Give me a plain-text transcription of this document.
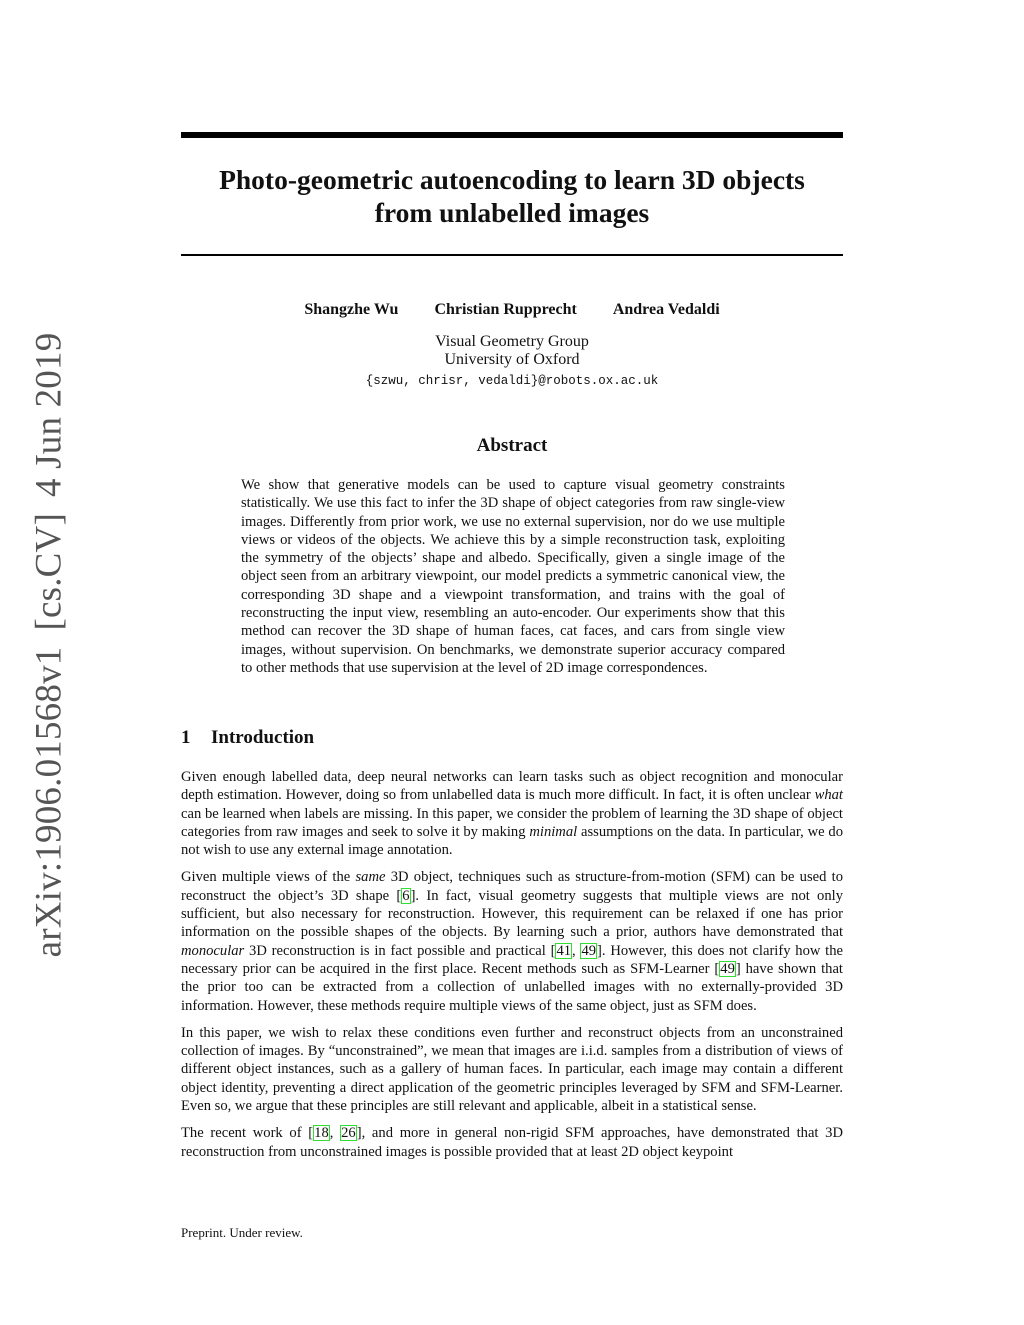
arXiv:1906.01568v1[cs.CV]4 Jun 2019
Photo-geometric autoencoding to learn 3D objects
from unlabelled images
Shangzhe Wu Christian Rupprecht Andrea Vedaldi
Visual Geometry Group
University of Oxford
{szwu, chrisr, vedaldi}@robots.ox.ac.uk
Abstract
We show that generative models can be used to capture visual geometry constraints statistically. We use this fact to infer the 3D shape of object categories from raw single-view images. Differently from prior work, we use no external supervision, nor do we use multiple views or videos of the objects. We achieve this by a simple reconstruction task, exploiting the symmetry of the objects’ shape and albedo. Specifically, given a single image of the object seen from an arbitrary viewpoint, our model predicts a symmetric canonical view, the corresponding 3D shape and a viewpoint transformation, and trains with the goal of reconstructing the input view, resembling an auto-encoder. Our experiments show that this method can recover the 3D shape of human faces, cat faces, and cars from single view images, without supervision. On benchmarks, we demonstrate superior accuracy compared to other methods that use supervision at the level of 2D image correspondences.
1 Introduction

Given enough labelled data, deep neural networks can learn tasks such as object recognition and monocular depth estimation. However, doing so from unlabelled data is much more difficult. In fact, it is often unclear what can be learned when labels are missing. In this paper, we consider the problem of learning the 3D shape of object categories from raw images and seek to solve it by making minimal assumptions on the data. In particular, we do not wish to use any external image annotation.

Given multiple views of the same 3D object, techniques such as structure-from-motion (SFM) can be used to reconstruct the object’s 3D shape [6]. In fact, visual geometry suggests that multiple views are not only sufficient, but also necessary for reconstruction. However, this requirement can be relaxed if one has prior information on the possible shapes of the objects. By learning such a prior, authors have demonstrated that monocular 3D reconstruction is in fact possible and practical [41, 49]. However, this does not clarify how the necessary prior can be acquired in the first place. Recent methods such as SFM-Learner [49] have shown that the prior too can be extracted from a collection of unlabelled images with no externally-provided 3D information. However, these methods require multiple views of the same object, just as SFM does.

In this paper, we wish to relax these conditions even further and reconstruct objects from an unconstrained collection of images. By “unconstrained”, we mean that images are i.i.d. samples from a distribution of views of different object instances, such as a gallery of human faces. In particular, each image may contain a different object identity, preventing a direct application of the geometric principles leveraged by SFM and SFM-Learner. Even so, we argue that these principles are still relevant and applicable, albeit in a statistical sense.

The recent work of [18, 26], and more in general non-rigid SFM approaches, have demonstrated that 3D reconstruction from unconstrained images is possible provided that at least 2D object keypoint

Preprint. Under review.
